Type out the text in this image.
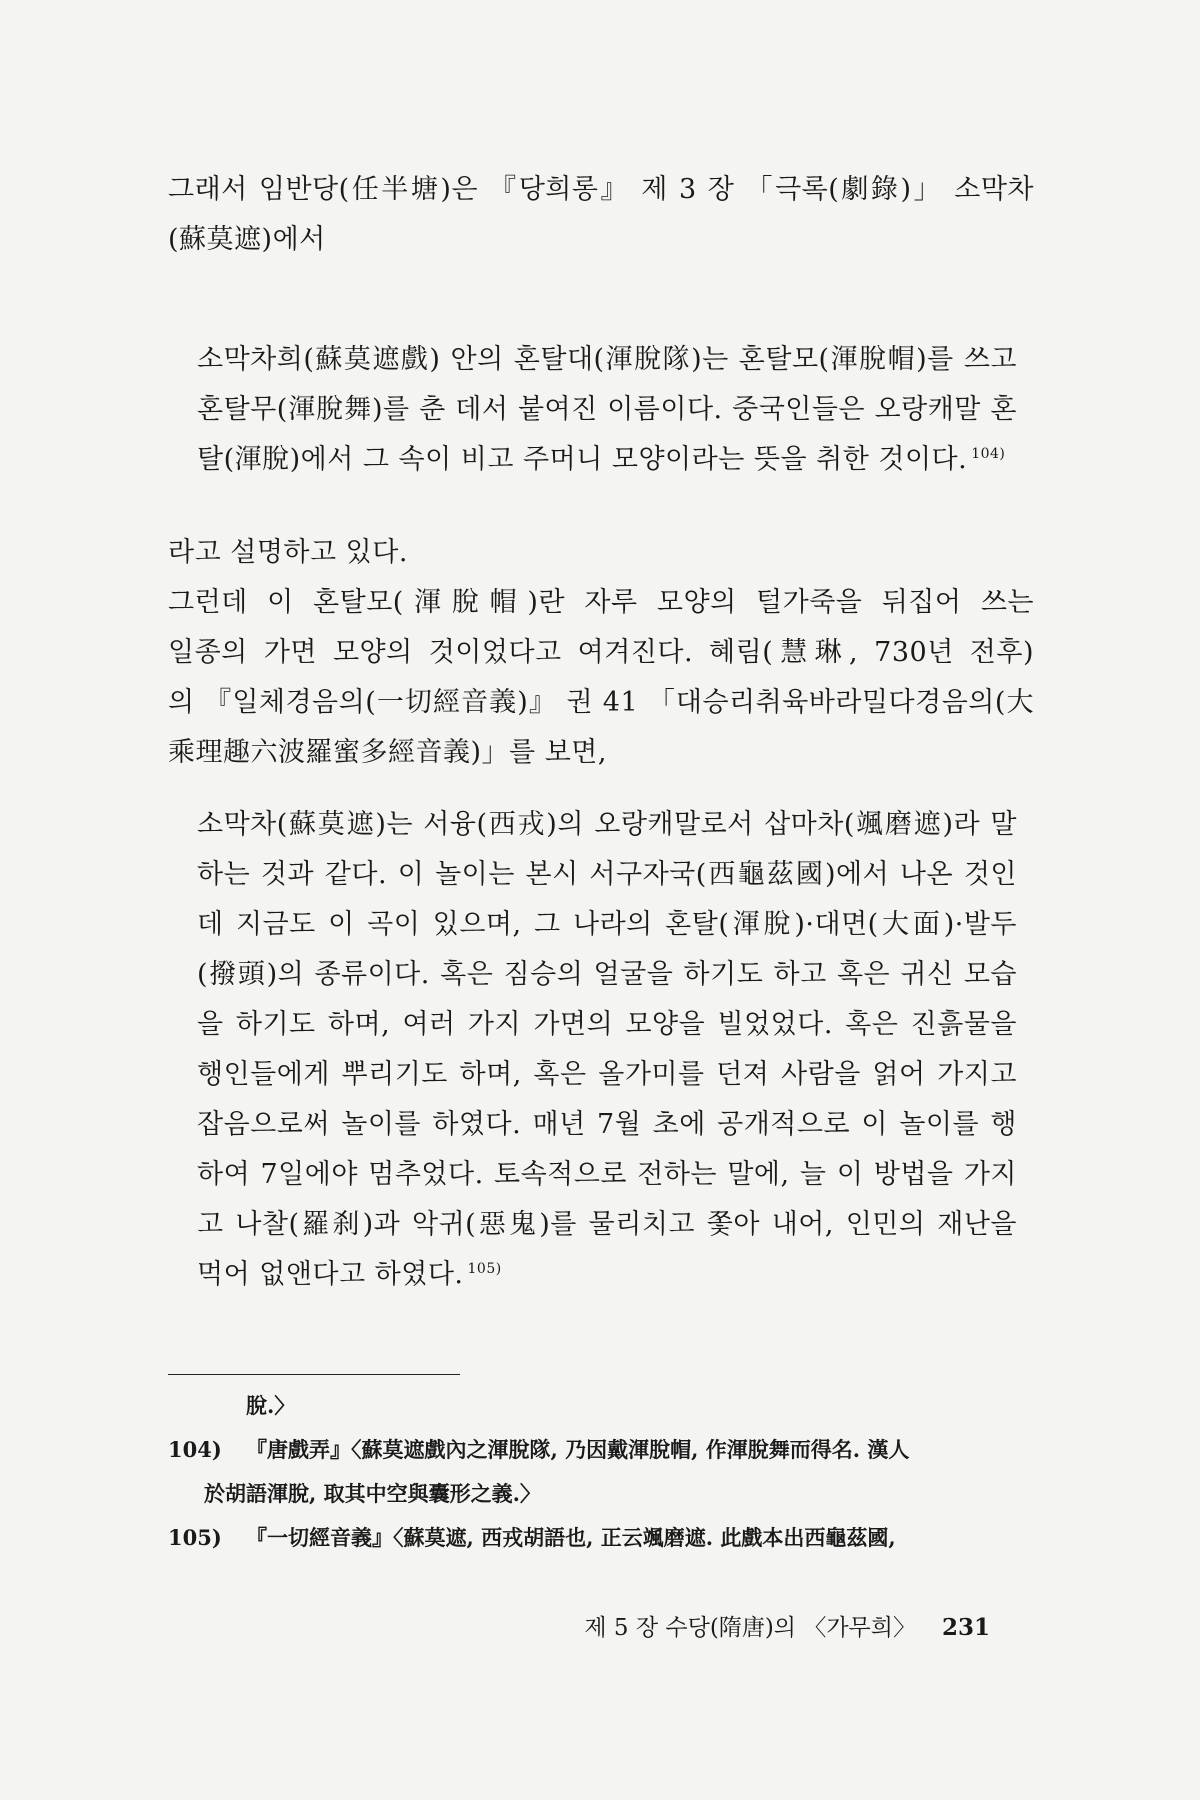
그래서 임반당(任半塘)은 『당희롱』 제 3 장 「극록(劇錄)」 소막차
(蘇莫遮)에서
소막차희(蘇莫遮戲) 안의 혼탈대(渾脫隊)는 혼탈모(渾脫帽)를 쓰고
혼탈무(渾脫舞)를 춘 데서 붙여진 이름이다. 중국인들은 오랑캐말 혼
탈(渾脫)에서 그 속이 비고 주머니 모양이라는 뜻을 취한 것이다. $^{104)}$
라고 설명하고 있다.
그런데 이 혼탈모(渾脫帽)란 자루 모양의 털가죽을 뒤집어 쓰는
일종의 가면 모양의 것이었다고 여겨진다. 혜림(慧琳, 730년 전후)
의 『일체경음의(一切經音義)』 권 41 「대승리취육바라밀다경음의(大
乘理趣六波羅蜜多經音義)」를 보면,
소막차(蘇莫遮)는 서융(西戎)의 오랑캐말로서 삽마차(颯磨遮)라 말
하는 것과 같다. 이 놀이는 본시 서구자국(西龜茲國)에서 나온 것인
데 지금도 이 곡이 있으며, 그 나라의 혼탈(渾脫)·대면(大面)·발두
(撥頭)의 종류이다. 혹은 짐승의 얼굴을 하기도 하고 혹은 귀신 모습
을 하기도 하며, 여러 가지 가면의 모양을 빌었었다. 혹은 진흙물을
행인들에게 뿌리기도 하며, 혹은 올가미를 던져 사람을 얽어 가지고
잡음으로써 놀이를 하였다. 매년 7월 초에 공개적으로 이 놀이를 행
하여 7일에야 멈추었다. 토속적으로 전하는 말에, 늘 이 방법을 가지
고 나찰(羅刹)과 악귀(惡鬼)를 물리치고 쫓아 내어, 인민의 재난을
먹어 없앤다고 하였다. $^{105)}$
脫.〉
104) 『唐戲弄』〈蘇莫遮戲內之渾脫隊, 乃因戴渾脫帽, 作渾脫舞而得名. 漢人
於胡語渾脫, 取其中空與囊形之義.〉
105) 『一切經音義』〈蘇莫遮, 西戎胡語也, 正云颯磨遮. 此戲本出西龜茲國,
제 5 장 수당(隋唐)의 〈가무희〉 231
